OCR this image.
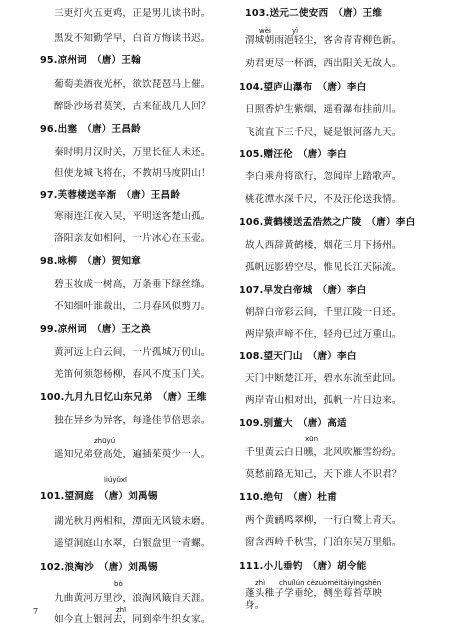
三更灯火五更鸡，正是男儿读书时。
黑发不知勤学早，白首方悔读书迟。
95.凉州词　（唐）王翰
葡萄美酒夜光杯，欲饮琵琶马上催。
醉卧沙场君莫笑，古来征战几人回？
96.出塞　（唐）王昌龄
秦时明月汉时关，万里长征人未还。
但使龙城飞将在，不教胡马度阴山！
97.芙蓉楼送辛渐　（唐）王昌龄
寒雨连江夜入吴，平明送客楚山孤。
洛阳亲友如相问，一片冰心在玉壶。
98.咏柳　（唐）贺知章
碧玉妆成一树高，万条垂下绿丝绦。
不知细叶谁裁出，二月春风似剪刀。
99.凉州词　（唐）王之涣
黄河远上白云间，一片孤城万仞山。
羌笛何须怨杨柳，春风不度玉门关。
100.九月九日忆山东兄弟　（唐）王维
独在异乡为异客，每逢佳节倍思亲。
zhūyú
遥知兄弟登高处，遍插茱萸少一人。
liúyǔxī
101.望洞庭　（唐）刘禹锡
湖光秋月两相和，潭面无风镜未磨。
遥望洞庭山水翠，白银盘里一青螺。
102.浪淘沙　（唐）刘禹锡
bò
九曲黄河万里沙，浪淘风簸自天涯。
zhī
如今直上银河去，同到牵牛织女家。
103.送元二使安西　（唐）王维
wèi　　　yì
渭城朝雨浥轻尘，客舍青青柳色新。
劝君更尽一杯酒，西出阳关无故人。
104.望庐山瀑布　（唐）李白
日照香炉生紫烟，遥看瀑布挂前川。
飞流直下三千尺，疑是银河落九天。
105.赠汪伦　（唐）李白
李白乘舟将欲行，忽闻岸上踏歌声。
桃花潭水深千尺，不及汪伦送我情。
106.黄鹤楼送孟浩然之广陵　（唐）李白
故人西辞黄鹤楼，烟花三月下扬州。
孤帆远影碧空尽，惟见长江天际流。
107.早发白帝城　（唐）李白
朝辞白帝彩云间，千里江陵一日还。
两岸猿声啼不住，轻舟已过万重山。
108.望天门山　（唐）李白
天门中断楚江开，碧水东流至此回。
两岸青山相对出，孤帆一片日边来。
109.别董大　（唐）高适
xūn
千里黄云白日曛，北风吹雁雪纷纷。
莫愁前路无知己，天下谁人不识君？
110.绝句　（唐）杜甫
两个黄鹂鸣翠柳，一行白鹭上青天。
窗含西岭千秋雪，门泊东吴万里船。
111.小儿垂钓　（唐）胡令能
zhì　　chuílún cèzuòméitáiyìngshēn
蓬头稚子学垂纶，侧坐莓苔草映
身。
7
